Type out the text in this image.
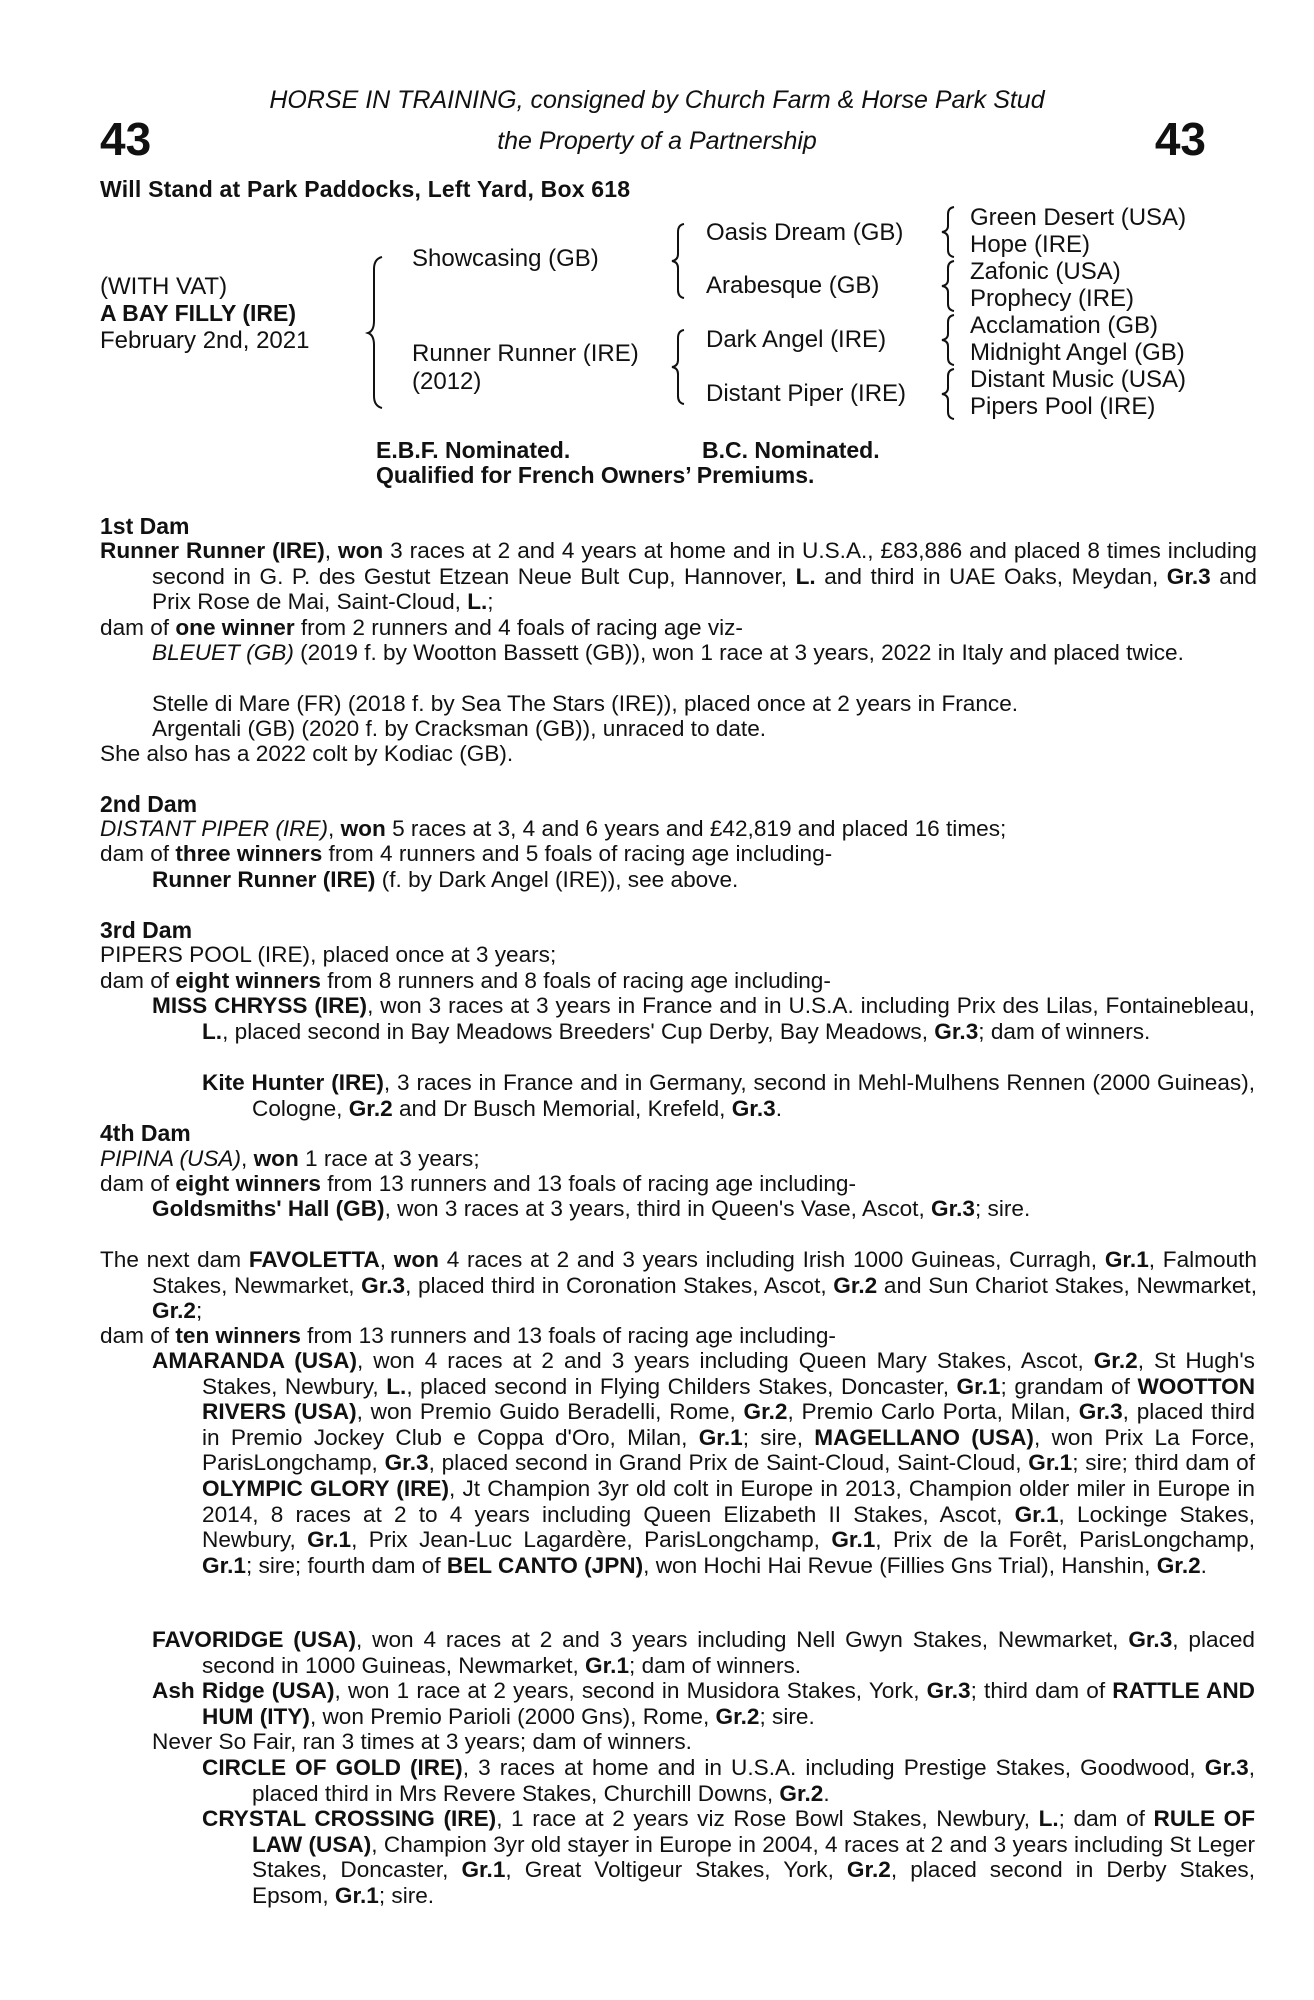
43	43
HORSE IN TRAINING, consigned by Church Farm & Horse Park Stud
the Property of a Partnership
Will Stand at Park Paddocks, Left Yard, Box 618
(WITH VAT)
A BAY FILLY (IRE)
February 2nd, 2021
Showcasing (GB)
Runner Runner (IRE)
(2012)
Oasis Dream (GB)
Arabesque (GB)
Dark Angel (IRE)
Distant Piper (IRE)
Green Desert (USA)
Hope (IRE)
Zafonic (USA)
Prophecy (IRE)
Acclamation (GB)
Midnight Angel (GB)
Distant Music (USA)
Pipers Pool (IRE)
E.B.F. Nominated.	B.C. Nominated.
Qualified for French Owners’ Premiums.
1st Dam
Runner Runner (IRE), won 3 races at 2 and 4 years at home and in U.S.A., £83,886 and placed 8 times including second in G. P. des Gestut Etzean Neue Bult Cup, Hannover, L. and third in UAE Oaks, Meydan, Gr.3 and Prix Rose de Mai, Saint-Cloud, L.;
dam of one winner from 2 runners and 4 foals of racing age viz-
BLEUET (GB) (2019 f. by Wootton Bassett (GB)), won 1 race at 3 years, 2022 in Italy and placed twice.
Stelle di Mare (FR) (2018 f. by Sea The Stars (IRE)), placed once at 2 years in France.
Argentali (GB) (2020 f. by Cracksman (GB)), unraced to date.
She also has a 2022 colt by Kodiac (GB).
2nd Dam
DISTANT PIPER (IRE), won 5 races at 3, 4 and 6 years and £42,819 and placed 16 times;
dam of three winners from 4 runners and 5 foals of racing age including-
Runner Runner (IRE) (f. by Dark Angel (IRE)), see above.
3rd Dam
PIPERS POOL (IRE), placed once at 3 years;
dam of eight winners from 8 runners and 8 foals of racing age including-
MISS CHRYSS (IRE), won 3 races at 3 years in France and in U.S.A. including Prix des Lilas, Fontainebleau, L., placed second in Bay Meadows Breeders' Cup Derby, Bay Meadows, Gr.3; dam of winners.
Kite Hunter (IRE), 3 races in France and in Germany, second in Mehl-Mulhens Rennen (2000 Guineas), Cologne, Gr.2 and Dr Busch Memorial, Krefeld, Gr.3.
4th Dam
PIPINA (USA), won 1 race at 3 years;
dam of eight winners from 13 runners and 13 foals of racing age including-
Goldsmiths' Hall (GB), won 3 races at 3 years, third in Queen's Vase, Ascot, Gr.3; sire.
The next dam FAVOLETTA, won 4 races at 2 and 3 years including Irish 1000 Guineas, Curragh, Gr.1, Falmouth Stakes, Newmarket, Gr.3, placed third in Coronation Stakes, Ascot, Gr.2 and Sun Chariot Stakes, Newmarket, Gr.2;
dam of ten winners from 13 runners and 13 foals of racing age including-
AMARANDA (USA), won 4 races at 2 and 3 years including Queen Mary Stakes, Ascot, Gr.2, St Hugh's Stakes, Newbury, L., placed second in Flying Childers Stakes, Doncaster, Gr.1; grandam of WOOTTON RIVERS (USA), won Premio Guido Beradelli, Rome, Gr.2, Premio Carlo Porta, Milan, Gr.3, placed third in Premio Jockey Club e Coppa d'Oro, Milan, Gr.1; sire, MAGELLANO (USA), won Prix La Force, ParisLongchamp, Gr.3, placed second in Grand Prix de Saint-Cloud, Saint-Cloud, Gr.1; sire; third dam of OLYMPIC GLORY (IRE), Jt Champion 3yr old colt in Europe in 2013, Champion older miler in Europe in 2014, 8 races at 2 to 4 years including Queen Elizabeth II Stakes, Ascot, Gr.1, Lockinge Stakes, Newbury, Gr.1, Prix Jean-Luc Lagardère, ParisLongchamp, Gr.1, Prix de la Forêt, ParisLongchamp, Gr.1; sire; fourth dam of BEL CANTO (JPN), won Hochi Hai Revue (Fillies Gns Trial), Hanshin, Gr.2.
FAVORIDGE (USA), won 4 races at 2 and 3 years including Nell Gwyn Stakes, Newmarket, Gr.3, placed second in 1000 Guineas, Newmarket, Gr.1; dam of winners.
Ash Ridge (USA), won 1 race at 2 years, second in Musidora Stakes, York, Gr.3; third dam of RATTLE AND HUM (ITY), won Premio Parioli (2000 Gns), Rome, Gr.2; sire.
Never So Fair, ran 3 times at 3 years; dam of winners.
CIRCLE OF GOLD (IRE), 3 races at home and in U.S.A. including Prestige Stakes, Goodwood, Gr.3, placed third in Mrs Revere Stakes, Churchill Downs, Gr.2.
CRYSTAL CROSSING (IRE), 1 race at 2 years viz Rose Bowl Stakes, Newbury, L.; dam of RULE OF LAW (USA), Champion 3yr old stayer in Europe in 2004, 4 races at 2 and 3 years including St Leger Stakes, Doncaster, Gr.1, Great Voltigeur Stakes, York, Gr.2, placed second in Derby Stakes, Epsom, Gr.1; sire.
